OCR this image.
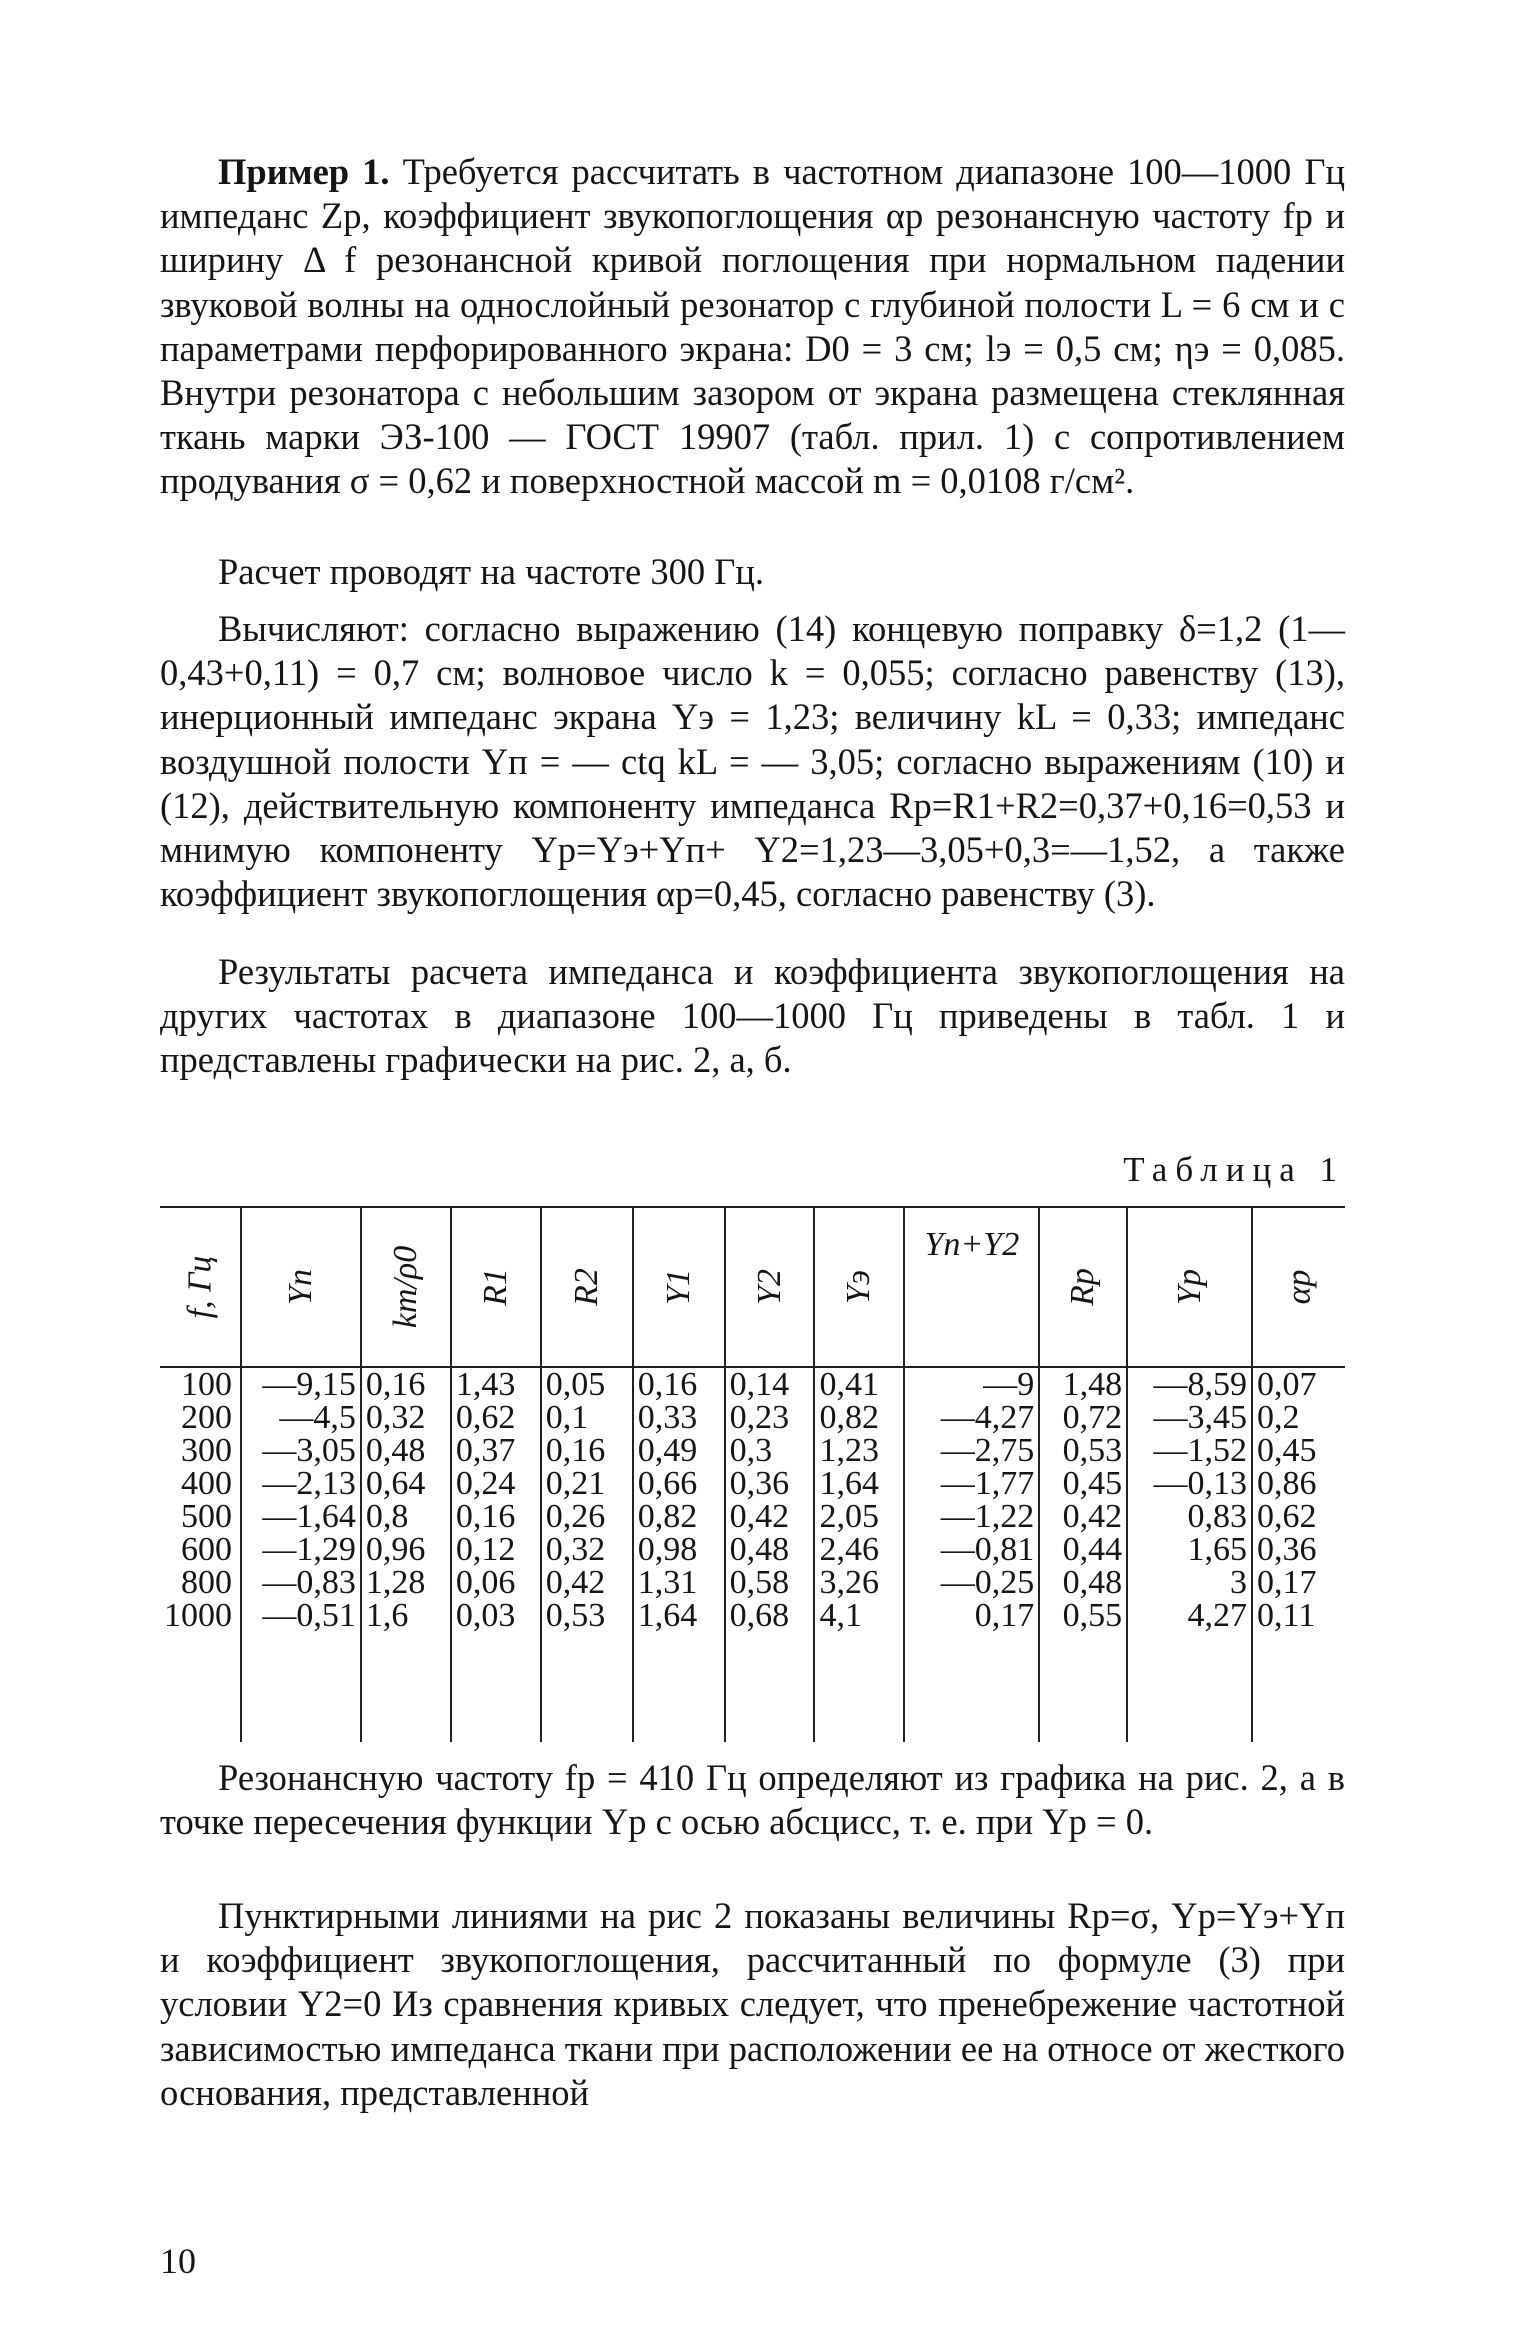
Пример 1. Требуется рассчитать в частотном диапазоне 100—1000 Гц импеданс Zр, коэффициент звукопоглощения αр резонансную частоту fр и ширину Δ f резонансной кривой поглощения при нормальном падении звуковой волны на однослойный резонатор с глубиной полости L = 6 см и с параметрами перфорированного экрана: D0 = 3 см; lэ = 0,5 см; ηэ = 0,085. Внутри резонатора с небольшим зазором от экрана размещена стеклянная ткань марки ЭЗ-100 — ГОСТ 19907 (табл. прил. 1) с сопротивлением продувания σ = 0,62 и поверхностной массой m = 0,0108 г/см².

Расчет проводят на частоте 300 Гц.

Вычисляют: согласно выражению (14) концевую поправку δ=1,2 (1—0,43+0,11) = 0,7 см; волновое число k = 0,055; согласно равенству (13), инерционный импеданс экрана Yэ = 1,23; величину kL = 0,33; импеданс воздушной полости Yп = — ctq kL = — 3,05; согласно выражениям (10) и (12), действительную компоненту импеданса Rр=R1+R2=0,37+0,16=0,53 и мнимую компоненту Yр=Yэ+Yп+ Y2=1,23—3,05+0,3=—1,52, а также коэффициент звукопоглощения αр=0,45, согласно равенству (3).

Результаты расчета импеданса и коэффициента звукопоглощения на других частотах в диапазоне 100—1000 Гц приведены в табл. 1 и представлены графически на рис. 2, а, б.

Таблица 1

f, Гц	Yп	km/ρ0	R1	R2	Y1	Y2	Yэ	Yп+Y2	Rр	Yр	αр
100	—9,15	0,16	1,43	0,05	0,16	0,14	0,41	—9	1,48	—8,59	0,07
200	—4,5	0,32	0,62	0,1	0,33	0,23	0,82	—4,27	0,72	—3,45	0,2
300	—3,05	0,48	0,37	0,16	0,49	0,3	1,23	—2,75	0,53	—1,52	0,45
400	—2,13	0,64	0,24	0,21	0,66	0,36	1,64	—1,77	0,45	—0,13	0,86
500	—1,64	0,8	0,16	0,26	0,82	0,42	2,05	—1,22	0,42	0,83	0,62
600	—1,29	0,96	0,12	0,32	0,98	0,48	2,46	—0,81	0,44	1,65	0,36
800	—0,83	1,28	0,06	0,42	1,31	0,58	3,26	—0,25	0,48	3	0,17
1000	—0,51	1,6	0,03	0,53	1,64	0,68	4,1	0,17	0,55	4,27	0,11

Резонансную частоту fр = 410 Гц определяют из графика на рис. 2, а в точке пересечения функции Yр с осью абсцисс, т. е. при Yр = 0.

Пунктирными линиями на рис 2 показаны величины Rр=σ, Yр=Yэ+Yп и коэффициент звукопоглощения, рассчитанный по формуле (3) при условии Y2=0 Из сравнения кривых следует, что пренебрежение частотной зависимостью импеданса ткани при расположении ее на относе от жесткого основания, представленной

10
